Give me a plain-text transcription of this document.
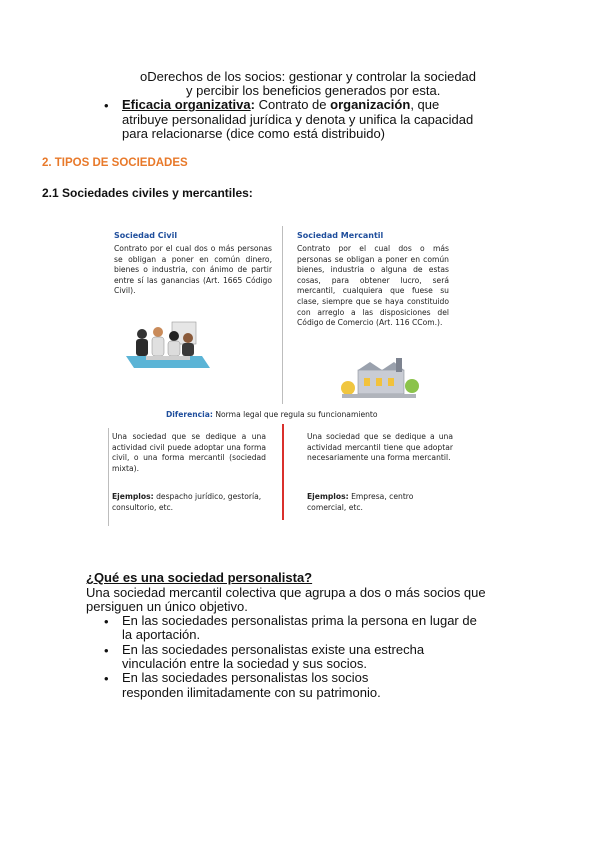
oDerechos de los socios: gestionar y controlar la sociedad
y percibir los beneficios generados por esta.
• Eficacia organizativa: Contrato de organización, que
atribuye personalidad jurídica y denota y unifica la capacidad
para relacionarse (dice como está distribuido)
2. TIPOS DE SOCIEDADES
2.1 Sociedades civiles y mercantiles:
Sociedad Civil
Contrato por el cual dos o más personas se obligan a poner en común dinero, bienes o industria, con ánimo de partir entre sí las ganancias (Art. 1665 Código Civil).
Sociedad Mercantil
Contrato por el cual dos o más personas se obligan a poner en común bienes, industria o alguna de estas cosas, para obtener lucro, será mercantil, cualquiera que fuese su clase, siempre que se haya constituido con arreglo a las disposiciones del Código de Comercio (Art. 116 CCom.).
Diferencia: Norma legal que regula su funcionamiento
Una sociedad que se dedique a una actividad civil puede adoptar una forma civil, o una forma mercantil (sociedad mixta).
Ejemplos: despacho jurídico, gestoría, consultorio, etc.
Una sociedad que se dedique a una actividad mercantil tiene que adoptar necesariamente una forma mercantil.
Ejemplos: Empresa, centro comercial, etc.
¿Qué es una sociedad personalista?
Una sociedad mercantil colectiva que agrupa a dos o más socios que
persiguen un único objetivo.
• En las sociedades personalistas prima la persona en lugar de
la aportación.
• En las sociedades personalistas existe una estrecha
vinculación entre la sociedad y sus socios.
• En las sociedades personalistas los socios
responden ilimitadamente con su patrimonio.
